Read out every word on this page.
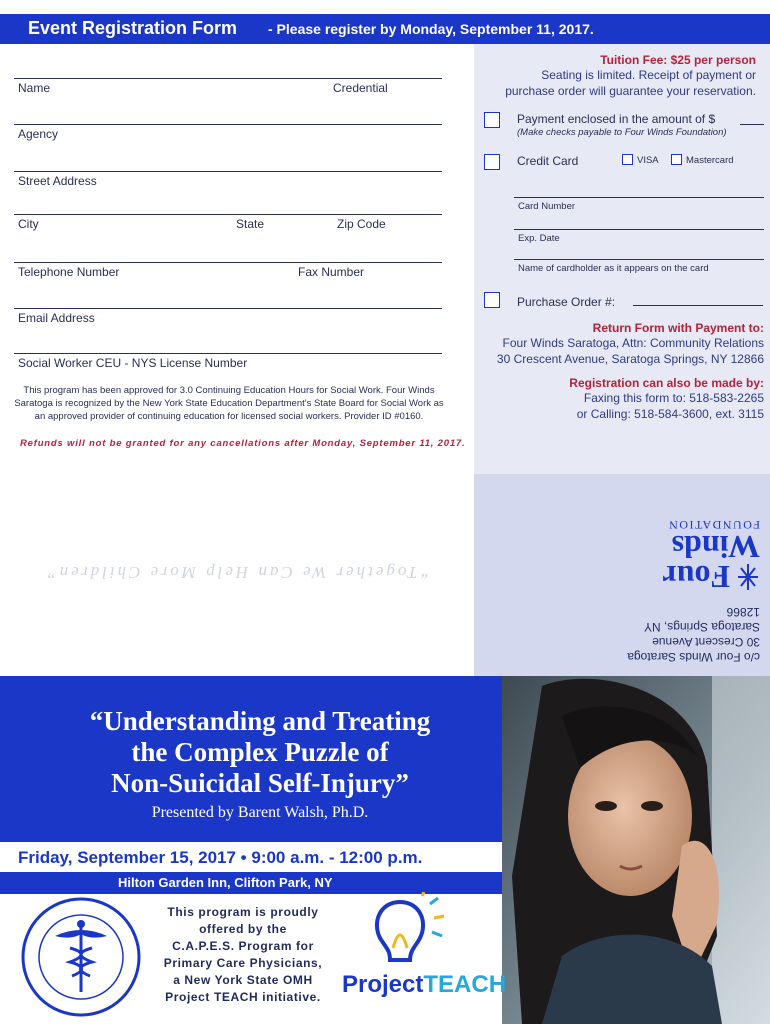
Event Registration Form - Please register by Monday, September 11, 2017.
Name	Credential
Agency
Street Address
City	State	Zip Code
Telephone Number	Fax Number
Email Address
Social Worker CEU - NYS License Number
This program has been approved for 3.0 Continuing Education Hours for Social Work. Four Winds Saratoga is recognized by the New York State Education Department's State Board for Social Work as an approved provider of continuing education for licensed social workers. Provider ID #0160.
Refunds will not be granted for any cancellations after Monday, September 11, 2017.
Tuition Fee: $25 per person
Seating is limited. Receipt of payment or
purchase order will guarantee your reservation.
Payment enclosed in the amount of $
(Make checks payable to Four Winds Foundation)
Credit Card	VISA	Mastercard
Card Number
Exp. Date
Name of cardholder as it appears on the card
Purchase Order #:
Return Form with Payment to:
Four Winds Saratoga, Attn: Community Relations
30 Crescent Avenue, Saratoga Springs, NY 12866
Registration can also be made by:
Faxing this form to: 518-583-2265
or Calling: 518-584-3600, ext. 3115
“Together We Can Help More Children”
c/o Four Winds Saratoga
30 Crescent Avenue
Saratoga Springs, NY
12866
Four
Winds
FOUNDATION
“Understanding and Treating
the Complex Puzzle of
Non-Suicidal Self-Injury”
Presented by Barent Walsh, Ph.D.
Friday, September 15, 2017 • 9:00 a.m. - 12:00 p.m.
Hilton Garden Inn, Clifton Park, NY
This program is proudly
offered by the
C.A.P.E.S. Program for
Primary Care Physicians,
a New York State OMH
Project TEACH initiative. ProjectTEACH
